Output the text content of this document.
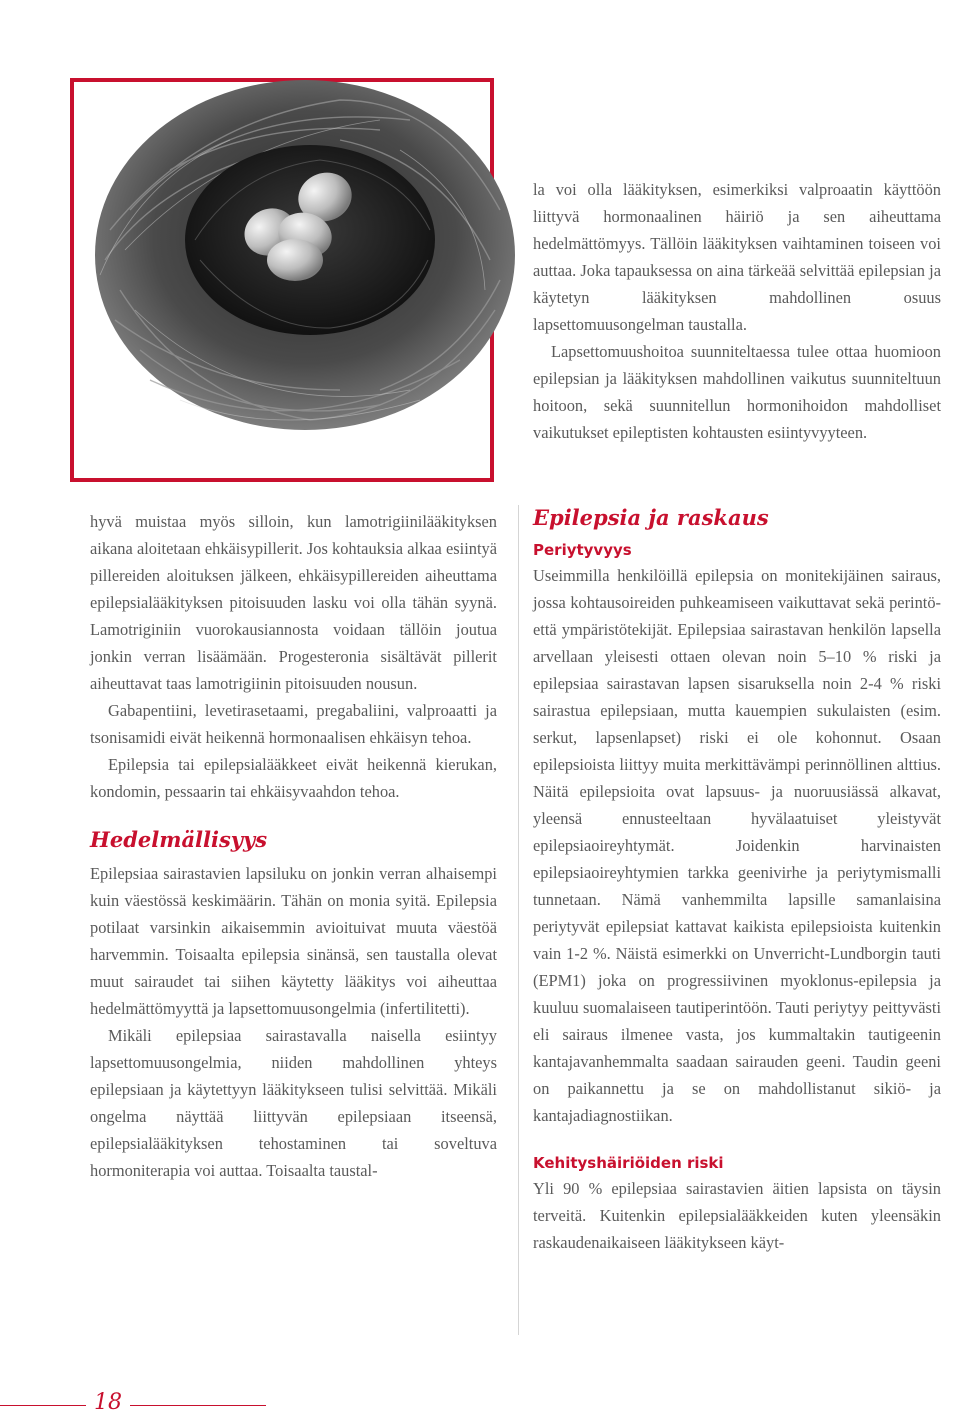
la voi olla lääkityksen, esimerkiksi valproaatin käyttöön liittyvä hormonaalinen häiriö ja sen aiheuttama hedelmättömyys. Tällöin lääkityksen vaihtaminen toiseen voi auttaa. Joka tapauksessa on aina tärkeää selvittää epilepsian ja käytetyn lääkityksen mahdollinen osuus lapsettomuusongelman taustalla.

Lapsettomuushoitoa suunniteltaessa tulee ottaa huomioon epilepsian ja lääkityksen mahdollinen vaikutus suunniteltuun hoitoon, sekä suunnitellun hormonihoidon mahdolliset vaikutukset epileptisten kohtausten esiintyvyyteen.

hyvä muistaa myös silloin, kun lamotrigiinilääkityksen aikana aloitetaan ehkäisypillerit. Jos kohtauksia alkaa esiintyä pillereiden aloituksen jälkeen, ehkäisypillereiden aiheuttama epilepsialääkityksen pitoisuuden lasku voi olla tähän syynä. Lamotriginiin vuorokausiannosta voidaan tällöin joutua jonkin verran lisäämään. Progesteronia sisältävät pillerit aiheuttavat taas lamotrigiinin pitoisuuden nousun.

Gabapentiini, levetirasetaami, pregabaliini, valproaatti ja tsonisamidi eivät heikennä hormonaalisen ehkäisyn tehoa.

Epilepsia tai epilepsialääkkeet eivät heikennä kierukan, kondomin, pessaarin tai ehkäisyvaahdon tehoa.

Hedelmällisyys

Epilepsiaa sairastavien lapsiluku on jonkin verran alhaisempi kuin väestössä keskimäärin. Tähän on monia syitä. Epilepsia potilaat varsinkin aikaisemmin avioituivat muuta väestöä harvemmin. Toisaalta epilepsia sinänsä, sen taustalla olevat muut sairaudet tai siihen käytetty lääkitys voi aiheuttaa hedelmättömyyttä ja lapsettomuusongelmia (infertilitetti).

Mikäli epilepsiaa sairastavalla naisella esiintyy lapsettomuusongelmia, niiden mahdollinen yhteys epilepsiaan ja käytettyyn lääkitykseen tulisi selvittää. Mikäli ongelma näyttää liittyvän epilepsiaan itseensä, epilepsialääkityksen tehostaminen tai soveltuva hormoniterapia voi auttaa. Toisaalta taustal-

Epilepsia ja raskaus
Periytyvyys

Useimmilla henkilöillä epilepsia on monitekijäinen sairaus, jossa kohtausoireiden puhkeamiseen vaikuttavat sekä perintö- että ympäristötekijät. Epilepsiaa sairastavan henkilön lapsella arvellaan yleisesti ottaen olevan noin 5–10 % riski ja epilepsiaa sairastavan lapsen sisaruksella noin 2-4 % riski sairastua epilepsiaan, mutta kauempien sukulaisten (esim. serkut, lapsenlapset) riski ei ole kohonnut. Osaan epilepsioista liittyy muita merkittävämpi perinnöllinen alttius. Näitä epilepsioita ovat lapsuus- ja nuoruusiässä alkavat, yleensä ennusteeltaan hyvälaatuiset yleistyvät epilepsiaoireyhtymät. Joidenkin harvinaisten epilepsiaoireyhtymien tarkka geenivirhe ja periytymismalli tunnetaan. Nämä vanhemmilta lapsille samanlaisina periytyvät epilepsiat kattavat kaikista epilepsioista kuitenkin vain 1-2 %. Näistä esimerkki on Unverricht-Lundborgin tauti (EPM1) joka on progressiivinen myoklonus-epilepsia ja kuuluu suomalaiseen tautiperintöön. Tauti periytyy peittyvästi eli sairaus ilmenee vasta, jos kummaltakin tautigeenin kantajavanhemmalta saadaan sairauden geeni. Taudin geeni on paikannettu ja se on mahdollistanut sikiö- ja kantajadiagnostiikan.

Kehityshäiriöiden riski

Yli 90 % epilepsiaa sairastavien äitien lapsista on täysin terveitä. Kuitenkin epilepsialääkkeiden kuten yleensäkin raskaudenaikaiseen lääkitykseen käyt-

18
